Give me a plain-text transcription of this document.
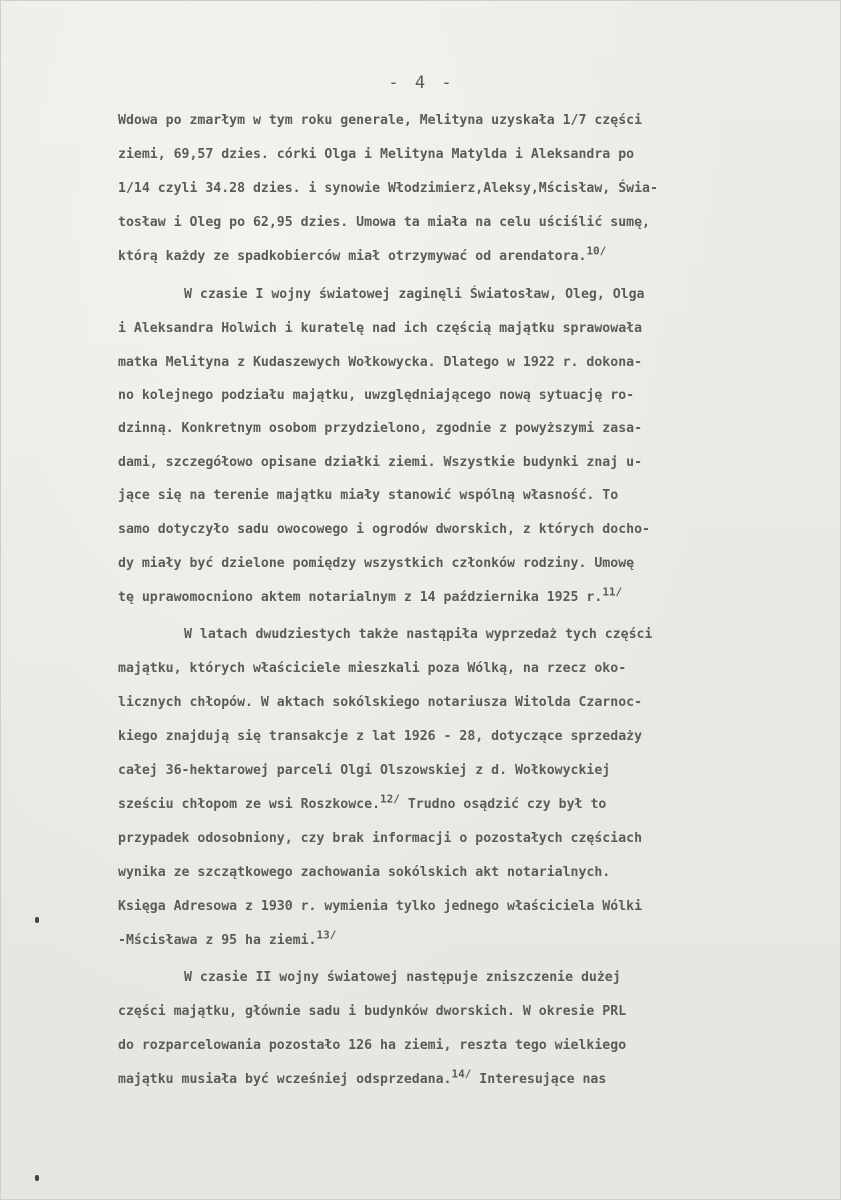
- 4 -
Wdowa po zmarłym w tym roku generale, Melityna uzyskała 1/7 części
ziemi, 69,57 dzies. córki Olga i Melityna Matylda i Aleksandra po
1/14 czyli 34.28 dzies. i synowie Włodzimierz,Aleksy,Mścisław, Świa-
tosław i Oleg po 62,95 dzies. Umowa ta miała na celu uściślić sumę,
którą każdy ze spadkobierców miał otrzymywać od arendatora.$^{10/}$
W czasie I wojny światowej zaginęli Światosław, Oleg, Olga
i Aleksandra Holwich i kuratelę nad ich częścią majątku sprawowała
matka Melityna z Kudaszewych Wołkowycka. Dlatego w 1922 r. dokona-
no kolejnego podziału majątku, uwzględniającego nową sytuację ro-
dzinną. Konkretnym osobom przydzielono, zgodnie z powyższymi zasa-
dami, szczegółowo opisane działki ziemi. Wszystkie budynki znaj u-
jące się na terenie majątku miały stanowić wspólną własność. To
samo dotyczyło sadu owocowego i ogrodów dworskich, z których docho-
dy miały być dzielone pomiędzy wszystkich członków rodziny. Umowę
tę uprawomocniono aktem notarialnym z 14 października 1925 r.$^{11/}$
W latach dwudziestych także nastąpiła wyprzedaż tych części
majątku, których właściciele mieszkali poza Wólką, na rzecz oko-
licznych chłopów. W aktach sokólskiego notariusza Witolda Czarnoc-
kiego znajdują się transakcje z lat 1926 - 28, dotyczące sprzedaży
całej 36-hektarowej parceli Olgi Olszowskiej z d. Wołkowyckiej
sześciu chłopom ze wsi Roszkowce.$^{12/}$ Trudno osądzić czy był to
przypadek odosobniony, czy brak informacji o pozostałych częściach
wynika ze szczątkowego zachowania sokólskich akt notarialnych.
Księga Adresowa z 1930 r. wymienia tylko jednego właściciela Wólki
-Mścisława z 95 ha ziemi.$^{13/}$
W czasie II wojny światowej następuje zniszczenie dużej
części majątku, głównie sadu i budynków dworskich. W okresie PRL
do rozparcelowania pozostało 126 ha ziemi, reszta tego wielkiego
majątku musiała być wcześniej odsprzedana.$^{14/}$ Interesujące nas
